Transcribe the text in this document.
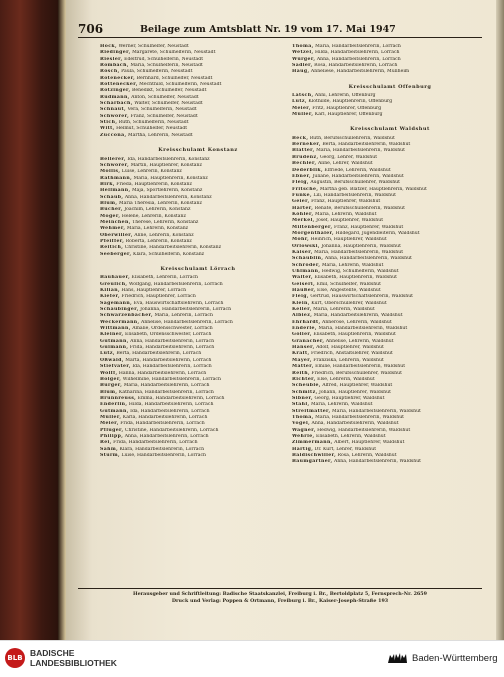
706	Beilage zum Amtsblatt Nr. 19 vom 17. Mai 1947
Hock, Werner, Schulhelfer, Neustadt
Riedinger, Margarete, Schulhelferin, Neustadt
Riesler, Edeltrud, Schulhelferin, Neustadt
Rombach, Maria, Schulhelferin, Neustadt
Rösch, Paula, Schulhelferin, Neustadt
Rotenecker, Bernhard, Schulhelfer, Neustadt
Rottenecker, Mechthild, Schulhelferin, Neustadt
Rotzinger, Benedikt, Schulhelfer, Neustadt
Rudmann, Anton, Schulhelfer, Neustadt
Scharbach, Walter, Schulhelfer, Neustadt
Schnaut, Vera, Schulhelferin, Neustadt
Schwörer, Franz, Schulhelfer, Neustadt
Stich, Ruth, Schulhelferin, Neustadt
Witt, Helmut, Schulhelfer, Neustadt
Zuccona, Martha, Lehrerin, Neustadt
Kreisschulamt Konstanz
Bellerer, Ida, Handarbeitslehrerin, Konstanz
Schwörer, Martin, Hauptlehrer, Konstanz
Mollis, Luise, Lehrerin, Konstanz
Rathmann, Maria, Hauptlehrerin, Konstanz
Birk, Frieda, Hauptlehrerin, Konstanz
Hellmann, Maja, Sportlehrerin, Konstanz
Schaub, Anna, Handarbeitslehrerin, Konstanz
Blum, Maria Theresia, Lehrerin, Konstanz
Bucher, Joachim, Lehrerin, Konstanz
Moger, Helene, Lehrerin, Konstanz
Meinchen, Therese, Lehrerin, Konstanz
Wehmer, Maria, Lehrerin, Konstanz
Oberwiller, Aline, Lehrerin, Konstanz
Pfeiffer, Roberta, Lehrerin, Konstanz
Reitich, Christine, Handarbeitslehrerin, Konstanz
Seeberger, Klara, Schulhelferin, Konstanz
Kreisschulamt Lörrach
Bauhauer, Elisabeth, Lehrerin, Lörrach
Greulich, Wolfgang, Handarbeitslehrerin, Lörrach
Kilian, Hans, Hauptlehrer, Lörrach
Kiefer, Friedrich, Hauptlehrer, Lörrach
Sagemann, Eva, Hauswirtschaftslehrerin, Lörrach
Schaubinger, Johanna, Handarbeitslehrerin, Lörrach
Schwarzenbacher, Maria, Lehrerin, Lörrach
Weckermann, Annelise, Handarbeitslehrerin, Lörrach
Wittmann, Amalie, Ordensschwester, Lörrach
Kleiner, Elisabeth, Ordensschwester, Lörrach
Gutmann, Anna, Handarbeitslehrerin, Lörrach
Guimann, Frida, Handarbeitslehrerin, Lörrach
Lutz, Berta, Handarbeitslehrerin, Lörrach
Oßwald, Marta, Handarbeitslehrerin, Lörrach
Stiefvater, Ida, Handarbeitslehrerin, Lörrach
Wolff, Hanna, Handarbeitslehrerin, Lörrach
Bolger, Wilhelmine, Handarbeitslehrerin, Lörrach
Burger, Maria, Handarbeitslehrerin, Lörrach
Blum, Katharina, Handarbeitslehrerin, Lörrach
Brunnreuss, Emma, Handarbeitslehrerin, Lörrach
Enderlin, Hilda, Handarbeitslehrerin, Lörrach
Gutmann, Ida, Handarbeitslehrerin, Lörrach
Müller, Karla, Handarbeitslehrerin, Lörrach
Meier, Frida, Handarbeitslehrerin, Lörrach
Pfluger, Christine, Handarbeitslehrerin, Lörrach
Philipp, Anna, Handarbeitslehrerin, Lörrach
Rei, Frida, Handarbeitslehrerin, Lörrach
Sahm, Klara, Handarbeitslehrerin, Lörrach
Sturm, Luise, Handarbeitslehrerin, Lörrach
Thoma, Maria, Handarbeitslehrerin, Lörrach
Wetzel, Hilda, Handarbeitslehrerin, Lörrach
Würger, Anna, Handarbeitslehrerin, Lörrach
Sadler, Rosa, Handarbeitslehrerin, Lörrach
Haug, Anneliese, Handarbeitslehrerin, Müllheim
Kreisschulamt Offenburg
Latsch, Anni, Lehrerin, Offenburg
Lutz, Klothilde, Hauptlehrerin, Offenburg
Meier, Fritz, Hauptlehrer, Offenburg
Müller, Karl, Hauptlehrer, Offenburg
Kreisschulamt Waldshut
Beck, Ruth, Berufsschullehrerin, Waldshut
Berneker, Berta, Handarbeitslehrerin, Waldshut
Blatter, Maria, Handarbeitslehrerin, Waldshut
Brudenz, Georg, Lehrer, Waldshut
Bechler, Aline, Lehrer, Waldshut
Dederblik, Elfriede, Lehrerin, Waldshut
Ebner, Juliane, Handarbeitslehrerin, Waldshut
Fleig, Augustin, Berufsschullehrer, Waldshut
Fritsche, Martha geb. Blätzer, Hauptlehrerin, Waldshut
Funke, Lili, Handarbeitslehrerin, Waldshut
Geier, Franz, Hauptlehrer, Waldshut
Härter, Renate, Berufsschullehrerin, Waldshut
Köhler, Maria, Lehrerin, Waldshut
Merkel, Josef, Hauptlehrer, Waldshut
Miltenberger, Franz, Hauptlehrer, Waldshut
Morgenthaler, Hildegard, Jugendleiterin, Waldshut
Mohr, Heinrich, Hauptlehrer, Waldshut
Orlowski, Johanna, Hauptlehrerin, Waldshut
Kaiser, Maria, Handarbeitslehrerin, Waldshut
Schäublin, Anna, Handarbeitslehrerin, Waldshut
Schröder, Maria, Lehrerin, Waldshut
Uhlmann, Hedwig, Schulhelferin, Waldshut
Walter, Elisabeth, Hauptlehrerin, Waldshut
Geiserl, Emil, Schulhelfer, Waldshut
Häußer, Else, Angestellte, Waldshut
Fleig, Gertrud, Hauswirtschaftslehrerin, Waldshut
Klein, Kurt, Oberschullehrer, Waldshut
Keller, Maria, Lehrerin, Waldshut
Albiez, Maria, Handarbeitslehrerin, Waldshut
Ehrhardt, Annerose, Lehrerin, Waldshut
Enderle, Maria, Handarbeitslehrerin, Waldshut
Göller, Elisabeth, Hauptlehrerin, Waldshut
Granacher, Annelise, Lehrerin, Waldshut
Hanser, Adolf, Hauptlehrer, Waldshut
Kraft, Friedrich, Anstaltslehrer, Waldshut
Mayer, Franziska, Lehrerin, Waldshut
Matter, Emilie, Handarbeitslehrerin, Waldshut
Reith, Friedrich, Berufsschullehrer, Waldshut
Richter, Else, Lehrerin, Waldshut
Scheuble, Alfred, Hauptlehrer, Waldshut
Schmitz, Johann, Hauptlehrer, Waldshut
Sibner, Georg, Hauptlehrer, Waldshut
Stahl, Maria, Lehrerin, Waldshut
Streitmatter, Maria, Handarbeitslehrerin, Waldshut
Thoma, Maria, Handarbeitslehrerin, Waldshut
Vogel, Anna, Handarbeitslehrerin, Waldshut
Wagner, Hedwig, Handarbeitslehrerin, Waldshut
Wehrle, Elisabeth, Lehrerin, Waldshut
Zimmermann, Albert, Hauptlehrer, Waldshut
Hartig, Dr. Kurt, Lehrer, Waldshut
Baldischwiller, Rosa, Lehrerin, Waldshut
Baumgärtner, Anna, Handarbeitslehrerin, Waldshut
Herausgeber und Schriftleitung: Badische Staatskanzlei, Freiburg i. Br., Bertoldplatz 5, Fernsprech-Nr. 2659
Druck und Verlag: Poppen & Ortmann, Freiburg i. Br., Kaiser-Joseph-Straße 193
BLB BADISCHE
LANDESBIBLIOTHEK	Baden-Württemberg
